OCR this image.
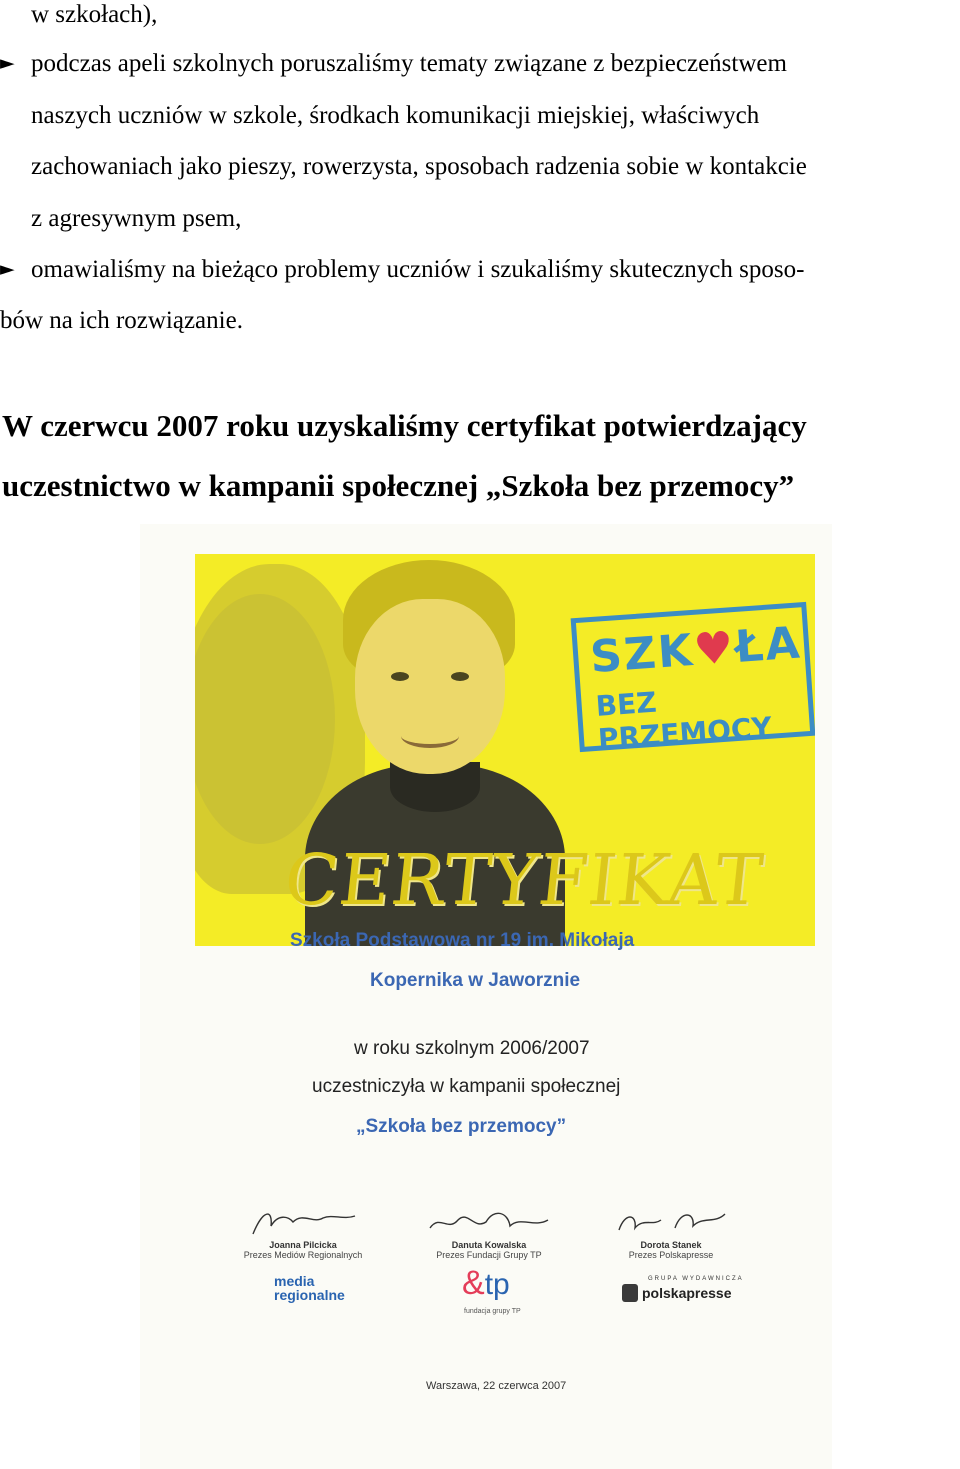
w szkołach),
► podczas apeli szkolnych poruszaliśmy tematy związane z bezpieczeństwem
naszych uczniów w szkole, środkach komunikacji miejskiej, właściwych
zachowaniach jako pieszy, rowerzysta, sposobach radzenia sobie w kontakcie
z agresywnym psem,
► omawialiśmy na bieżąco problemy uczniów i szukaliśmy skutecznych sposo-
bów na ich rozwiązanie.
W czerwcu 2007 roku uzyskaliśmy certyfikat potwierdzający
uczestnictwo w kampanii społecznej „Szkoła bez przemocy”
SZK♥ŁA
BEZ PRZEMOCY
CERTYFIKAT
Szkoła Podstawowa nr 19 im. Mikołaja
Kopernika w Jaworznie
w roku szkolnym 2006/2007
uczestniczyła w kampanii społecznej
„Szkoła bez przemocy”
Joanna Pilcicka
Prezes Mediów Regionalnych
Danuta Kowalska
Prezes Fundacji Grupy TP
Dorota Stanek
Prezes Polskapresse
media
regionalne	&tp
fundacja grupy TP
GRUPA WYDAWNICZA
polskapresse
Warszawa, 22 czerwca 2007
